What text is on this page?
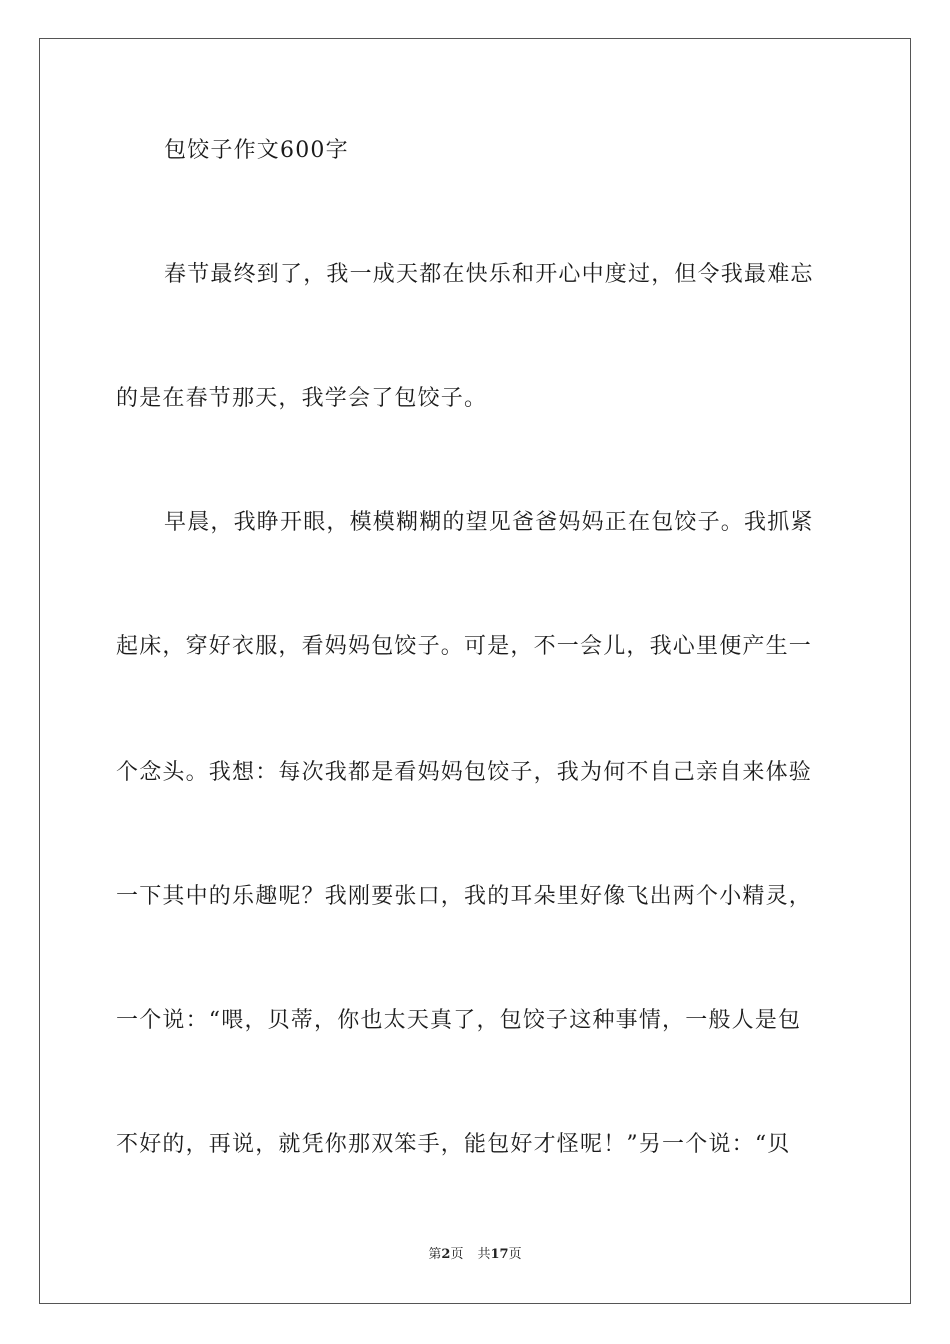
包饺子作文600字
春节最终到了，我一成天都在快乐和开心中度过，但令我最难忘
的是在春节那天，我学会了包饺子。
早晨，我睁开眼，模模糊糊的望见爸爸妈妈正在包饺子。我抓紧
起床，穿好衣服，看妈妈包饺子。可是，不一会儿，我心里便产生一
个念头。我想：每次我都是看妈妈包饺子，我为何不自己亲自来体验
一下其中的乐趣呢？我刚要张口，我的耳朵里好像飞出两个小精灵，
一个说：“喂，贝蒂，你也太天真了，包饺子这种事情，一般人是包
不好的，再说，就凭你那双笨手，能包好才怪呢！”另一个说：“贝
第2页 共17页
